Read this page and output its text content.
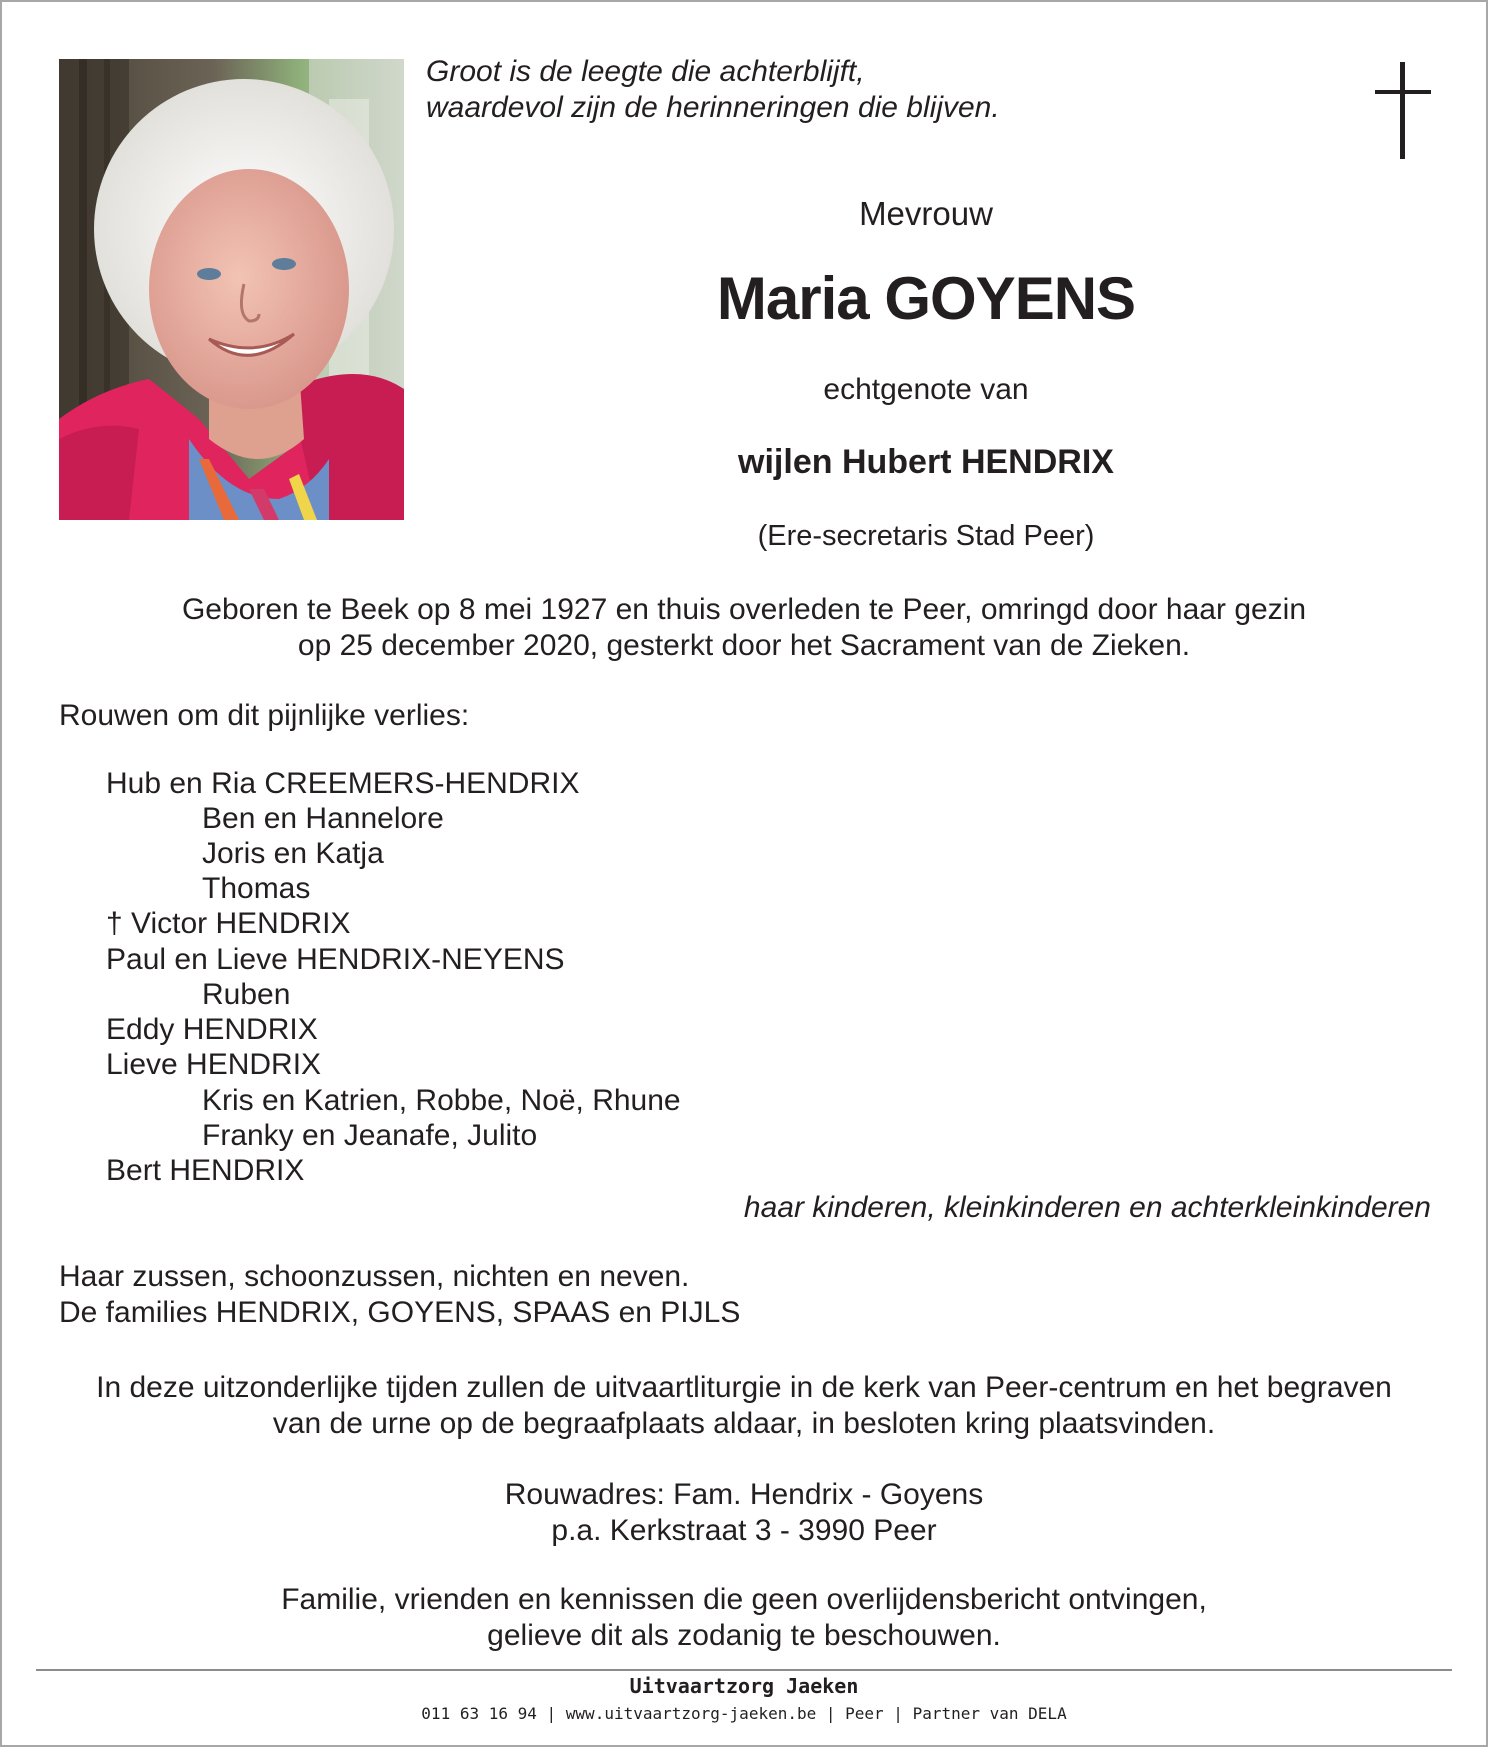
Groot is de leegte die achterblijft,
waardevol zijn de herinneringen die blijven.
Mevrouw
Maria GOYENS
echtgenote van
wijlen Hubert HENDRIX
(Ere-secretaris Stad Peer)
Geboren te Beek op 8 mei 1927 en thuis overleden te Peer, omringd door haar gezin
op 25 december 2020, gesterkt door het Sacrament van de Zieken.
Rouwen om dit pijnlijke verlies:
Hub en Ria CREEMERS-HENDRIX
Ben en Hannelore
Joris en Katja
Thomas
† Victor HENDRIX
Paul en Lieve HENDRIX-NEYENS
Ruben
Eddy HENDRIX
Lieve HENDRIX
Kris en Katrien, Robbe, Noë, Rhune
Franky en Jeanafe, Julito
Bert HENDRIX
haar kinderen, kleinkinderen en achterkleinkinderen
Haar zussen, schoonzussen, nichten en neven.
De families HENDRIX, GOYENS, SPAAS en PIJLS
In deze uitzonderlijke tijden zullen de uitvaartliturgie in de kerk van Peer-centrum en het begraven
van de urne op de begraafplaats aldaar, in besloten kring plaatsvinden.
Rouwadres: Fam. Hendrix - Goyens
p.a. Kerkstraat 3 - 3990 Peer
Familie, vrienden en kennissen die geen overlijdensbericht ontvingen,
gelieve dit als zodanig te beschouwen.
Uitvaartzorg Jaeken
011 63 16 94 | www.uitvaartzorg-jaeken.be | Peer | Partner van DELA
